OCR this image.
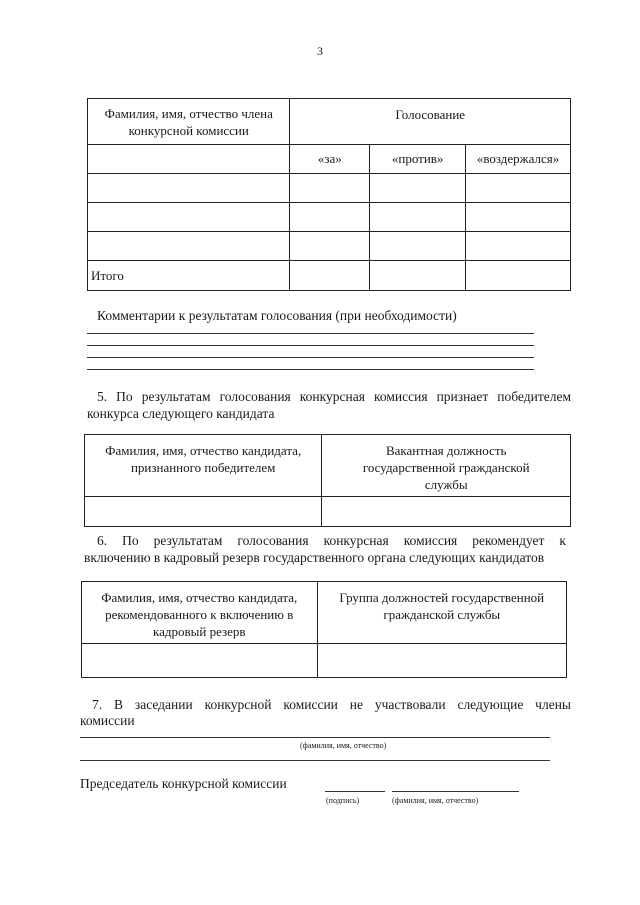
3
Фамилия, имя, отчество члена конкурсной комиссии	Голосование		
	«за»	«против»	«воздержался»

Итого			
Комментарии к результатам голосования (при необходимости)
5. По результатам голосования конкурсная комиссия признает победителем
конкурса следующего кандидата
Фамилия, имя, отчество кандидата, признанного победителем	Вакантная должность государственной гражданской службы

6. По результатам голосования конкурсная комиссия рекомендует к
включению в кадровый резерв государственного органа следующих кандидатов
Фамилия, имя, отчество кандидата, рекомендованного к включению в кадровый резерв	Группа должностей государственной гражданской службы

7. В заседании конкурсной комиссии не участвовали следующие члены
комиссии
(фамилия, имя, отчество)
Председатель конкурсной комиссии
(подпись)	(фамилия, имя, отчество)
